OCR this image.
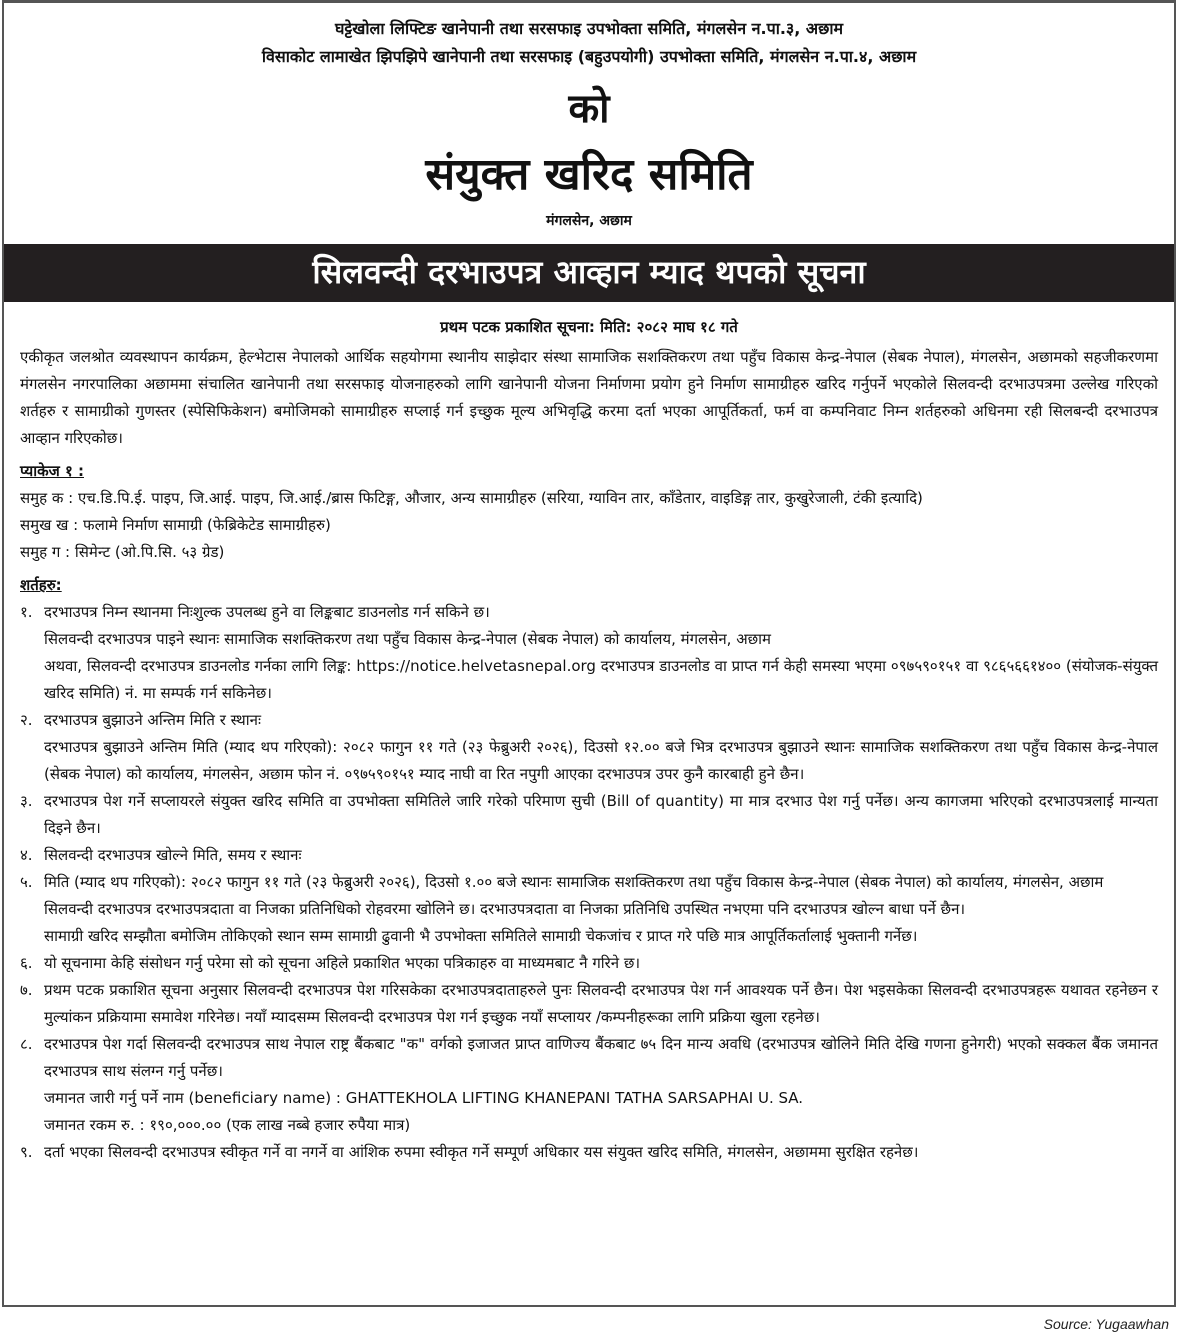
घट्टेखोला लिफ्टिङ खानेपानी तथा सरसफाइ उपभोक्ता समिति, मंगलसेन न.पा.३, अछाम
विसाकोट लामाखेत झिपझिपे खानेपानी तथा सरसफाइ (बहुउपयोगी) उपभोक्ता समिति, मंगलसेन न.पा.४, अछाम
को
संयुक्त खरिद समिति
मंगलसेन, अछाम
सिलवन्दी दरभाउपत्र आव्हान म्याद थपको सूचना
प्रथम पटक प्रकाशित सूचना: मिति: २०८२ माघ १८ गते
एकीकृत जलश्रोत व्यवस्थापन कार्यक्रम, हेल्भेटास नेपालको आर्थिक सहयोगमा स्थानीय साझेदार संस्था सामाजिक सशक्तिकरण तथा पहुँच विकास केन्द्र-नेपाल (सेबक नेपाल), मंगलसेन, अछामको सहजीकरणमा मंगलसेन नगरपालिका अछाममा संचालित खानेपानी तथा सरसफाइ योजनाहरुको लागि खानेपानी योजना निर्माणमा प्रयोग हुने निर्माण सामाग्रीहरु खरिद गर्नुपर्ने भएकोले सिलवन्दी दरभाउपत्रमा उल्लेख गरिएको शर्तहरु र सामाग्रीको गुणस्तर (स्पेसिफिकेशन) बमोजिमको सामाग्रीहरु सप्लाई गर्न इच्छुक मूल्य अभिवृद्धि करमा दर्ता भएका आपूर्तिकर्ता, फर्म वा कम्पनिवाट निम्न शर्तहरुको अधिनमा रही सिलबन्दी दरभाउपत्र आव्हान गरिएकोछ।
प्याकेज १ :
समुह क : एच.डि.पि.ई. पाइप, जि.आई. पाइप, जि.आई./ब्रास फिटिङ्ग, औजार, अन्य सामाग्रीहरु (सरिया, ग्याविन तार, काँडेतार, वाइडिङ्ग तार, कुखुरेजाली, टंकी इत्यादि)
समुख ख : फलामे निर्माण सामाग्री (फेब्रिकेटेड सामाग्रीहरु)
समुह ग : सिमेन्ट (ओ.पि.सि. ५३ ग्रेड)
शर्तहरु:
१. दरभाउपत्र निम्न स्थानमा निःशुल्क उपलब्ध हुने वा लिङ्कबाट डाउनलोड गर्न सकिने छ।
सिलवन्दी दरभाउपत्र पाइने स्थानः सामाजिक सशक्तिकरण तथा पहुँच विकास केन्द्र-नेपाल (सेबक नेपाल) को कार्यालय, मंगलसेन, अछाम
अथवा, सिलवन्दी दरभाउपत्र डाउनलोड गर्नका लागि लिङ्क: https://notice.helvetasnepal.org दरभाउपत्र डाउनलोड वा प्राप्त गर्न केही समस्या भएमा ०९७५९०१५१ वा ९८६५६६१४०० (संयोजक-संयुक्त खरिद समिति) नं. मा सम्पर्क गर्न सकिनेछ।
२. दरभाउपत्र बुझाउने अन्तिम मिति र स्थानः
दरभाउपत्र बुझाउने अन्तिम मिति (म्याद थप गरिएको): २०८२ फागुन ११ गते (२३ फेब्रुअरी २०२६), दिउसो १२.०० बजे भित्र दरभाउपत्र बुझाउने स्थानः सामाजिक सशक्तिकरण तथा पहुँच विकास केन्द्र-नेपाल (सेबक नेपाल) को कार्यालय, मंगलसेन, अछाम फोन नं. ०९७५९०१५१ म्याद नाघी वा रित नपुगी आएका दरभाउपत्र उपर कुनै कारबाही हुने छैन।
३. दरभाउपत्र पेश गर्ने सप्लायरले संयुक्त खरिद समिति वा उपभोक्ता समितिले जारि गरेको परिमाण सुची (Bill of quantity) मा मात्र दरभाउ पेश गर्नु पर्नेछ। अन्य कागजमा भरिएको दरभाउपत्रलाई मान्यता दिइने छैन।
४. सिलवन्दी दरभाउपत्र खोल्ने मिति, समय र स्थानः
५. मिति (म्याद थप गरिएको): २०८२ फागुन ११ गते (२३ फेब्रुअरी २०२६), दिउसो १.०० बजे स्थानः सामाजिक सशक्तिकरण तथा पहुँच विकास केन्द्र-नेपाल (सेबक नेपाल) को कार्यालय, मंगलसेन, अछाम
सिलवन्दी दरभाउपत्र दरभाउपत्रदाता वा निजका प्रतिनिधिको रोहवरमा खोलिने छ। दरभाउपत्रदाता वा निजका प्रतिनिधि उपस्थित नभएमा पनि दरभाउपत्र खोल्न बाधा पर्ने छैन।
सामाग्री खरिद सम्झौता बमोजिम तोकिएको स्थान सम्म सामाग्री ढुवानी भै उपभोक्ता समितिले सामाग्री चेकजांच र प्राप्त गरे पछि मात्र आपूर्तिकर्तालाई भुक्तानी गर्नेछ।
६. यो सूचनामा केहि संसोधन गर्नु परेमा सो को सूचना अहिले प्रकाशित भएका पत्रिकाहरु वा माध्यमबाट नै गरिने छ।
७. प्रथम पटक प्रकाशित सूचना अनुसार सिलवन्दी दरभाउपत्र पेश गरिसकेका दरभाउपत्रदाताहरुले पुनः सिलवन्दी दरभाउपत्र पेश गर्न आवश्यक पर्ने छैन। पेश भइसकेका सिलवन्दी दरभाउपत्रहरू यथावत रहनेछन र मुल्यांकन प्रक्रियामा समावेश गरिनेछ। नयाँ म्यादसम्म सिलवन्दी दरभाउपत्र पेश गर्न इच्छुक नयाँ सप्लायर /कम्पनीहरूका लागि प्रक्रिया खुला रहनेछ।
८. दरभाउपत्र पेश गर्दा सिलवन्दी दरभाउपत्र साथ नेपाल राष्ट्र बैंकबाट "क" वर्गको इजाजत प्राप्त वाणिज्य बैंकबाट ७५ दिन मान्य अवधि (दरभाउपत्र खोलिने मिति देखि गणना हुनेगरी) भएको सक्कल बैंक जमानत दरभाउपत्र साथ संलग्न गर्नु पर्नेछ।
जमानत जारी गर्नु पर्ने नाम (beneficiary name) : GHATTEKHOLA LIFTING KHANEPANI TATHA SARSAPHAI U. SA.
जमानत रकम रु. : १९०,०००.०० (एक लाख नब्बे हजार रुपैया मात्र)
९. दर्ता भएका सिलवन्दी दरभाउपत्र स्वीकृत गर्ने वा नगर्ने वा आंशिक रुपमा स्वीकृत गर्ने सम्पूर्ण अधिकार यस संयुक्त खरिद समिति, मंगलसेन, अछाममा सुरक्षित रहनेछ।
Source: Yugaawhan
